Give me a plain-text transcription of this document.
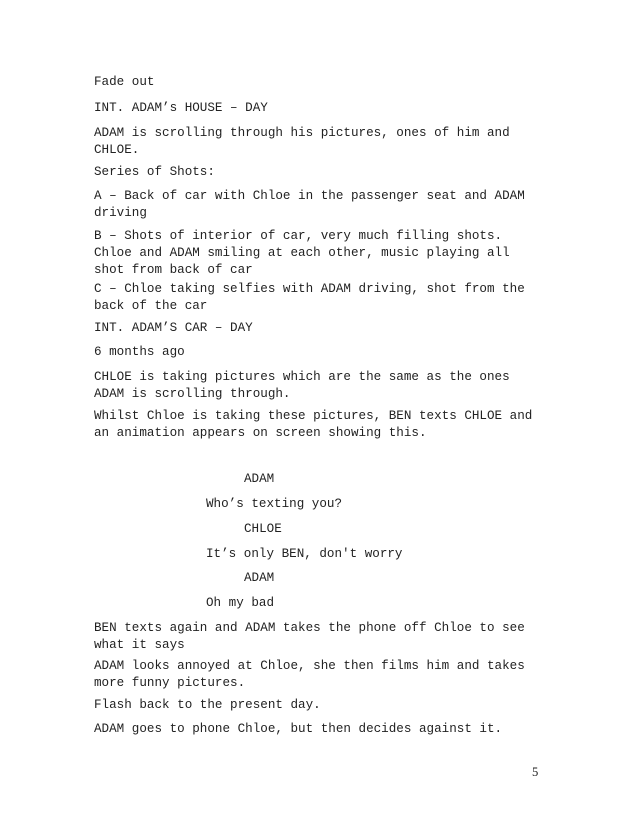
Fade out

INT. ADAM’s HOUSE – DAY

ADAM is scrolling through his pictures, ones of him and

CHLOE.

Series of Shots:

A – Back of car with Chloe in the passenger seat and ADAM

driving

B – Shots of interior of car, very much filling shots.

Chloe and ADAM smiling at each other, music playing all

shot from back of car

C – Chloe taking selfies with ADAM driving, shot from the

back of the car

INT. ADAM’S CAR – DAY

6 months ago

CHLOE is taking pictures which are the same as the ones

ADAM is scrolling through.

Whilst Chloe is taking these pictures, BEN texts CHLOE and

an animation appears on screen showing this.

ADAM

Who’s texting you?

CHLOE

It’s only BEN, don't worry

ADAM

Oh my bad

BEN texts again and ADAM takes the phone off Chloe to see

what it says

ADAM looks annoyed at Chloe, she then films him and takes

more funny pictures.

Flash back to the present day.

ADAM goes to phone Chloe, but then decides against it.

5
